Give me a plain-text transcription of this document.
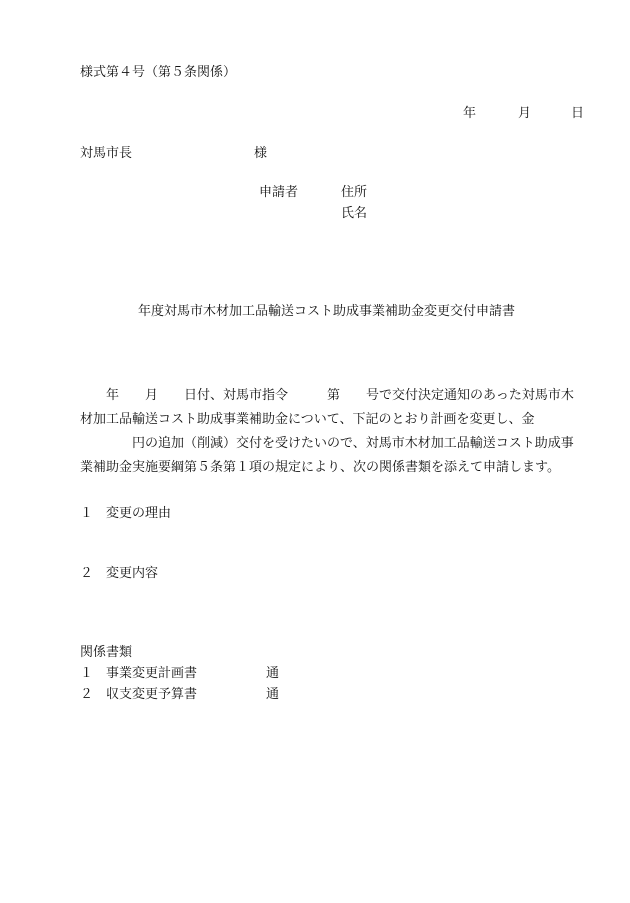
様式第４号（第５条関係）
年	月	日
対馬市長	様
申請者	住所
氏名
年度対馬市木材加工品輸送コスト助成事業補助金変更交付申請書
　　年　　月　　日付、対馬市指令　　　第　　号で交付決定通知のあった対馬市木
材加工品輸送コスト助成事業補助金について、下記のとおり計画を変更し、金
　　　　円の追加（削減）交付を受けたいので、対馬市木材加工品輸送コスト助成事
業補助金実施要綱第５条第１項の規定により、次の関係書類を添えて申請します。
１ 変更の理由
２ 変更内容
関係書類
１ 事業変更計画書	通
２ 収支変更予算書	通
